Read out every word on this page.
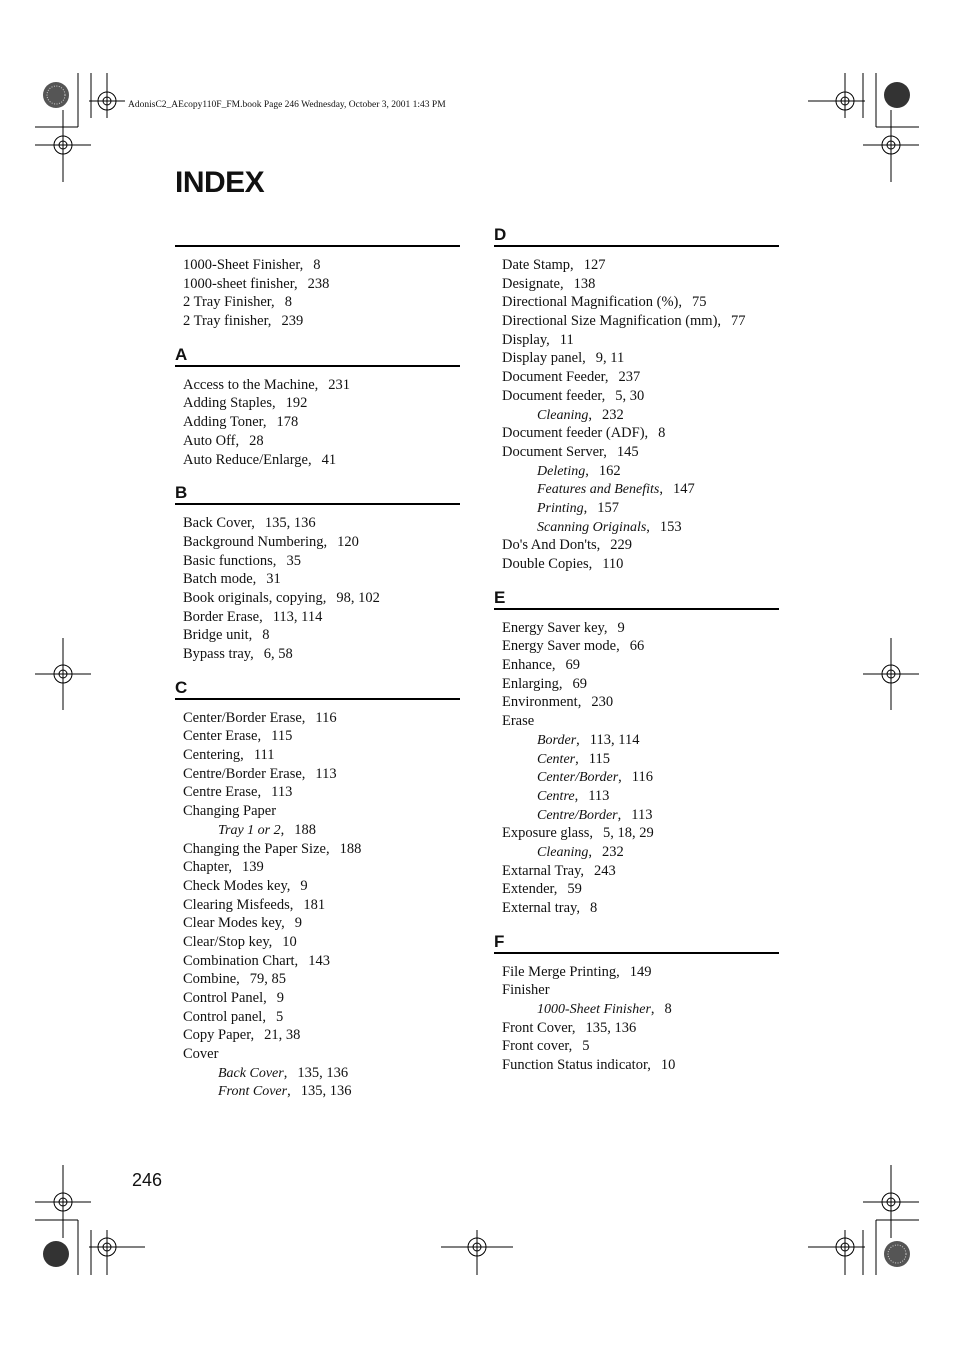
AdonisC2_AEcopy110F_FM.book Page 246 Wednesday, October 3, 2001 1:43 PM
INDEX
1000-Sheet Finisher, 8
1000-sheet finisher, 238
2 Tray Finisher, 8
2 Tray finisher, 239
A
Access to the Machine, 231
Adding Staples, 192
Adding Toner, 178
Auto Off, 28
Auto Reduce/Enlarge, 41
B
Back Cover, 135, 136
Background Numbering, 120
Basic functions, 35
Batch mode, 31
Book originals, copying, 98, 102
Border Erase, 113, 114
Bridge unit, 8
Bypass tray, 6, 58
C
Center/Border Erase, 116
Center Erase, 115
Centering, 111
Centre/Border Erase, 113
Centre Erase, 113
Changing Paper
Tray 1 or 2, 188
Changing the Paper Size, 188
Chapter, 139
Check Modes key, 9
Clearing Misfeeds, 181
Clear Modes key, 9
Clear/Stop key, 10
Combination Chart, 143
Combine, 79, 85
Control Panel, 9
Control panel, 5
Copy Paper, 21, 38
Cover
Back Cover, 135, 136
Front Cover, 135, 136
D
Date Stamp, 127
Designate, 138
Directional Magnification (%), 75
Directional Size Magnification (mm), 77
Display, 11
Display panel, 9, 11
Document Feeder, 237
Document feeder, 5, 30
Cleaning, 232
Document feeder (ADF), 8
Document Server, 145
Deleting, 162
Features and Benefits, 147
Printing, 157
Scanning Originals, 153
Do's And Don'ts, 229
Double Copies, 110
E
Energy Saver key, 9
Energy Saver mode, 66
Enhance, 69
Enlarging, 69
Environment, 230
Erase
Border, 113, 114
Center, 115
Center/Border, 116
Centre, 113
Centre/Border, 113
Exposure glass, 5, 18, 29
Cleaning, 232
Extarnal Tray, 243
Extender, 59
External tray, 8
F
File Merge Printing, 149
Finisher
1000-Sheet Finisher, 8
Front Cover, 135, 136
Front cover, 5
Function Status indicator, 10
246
